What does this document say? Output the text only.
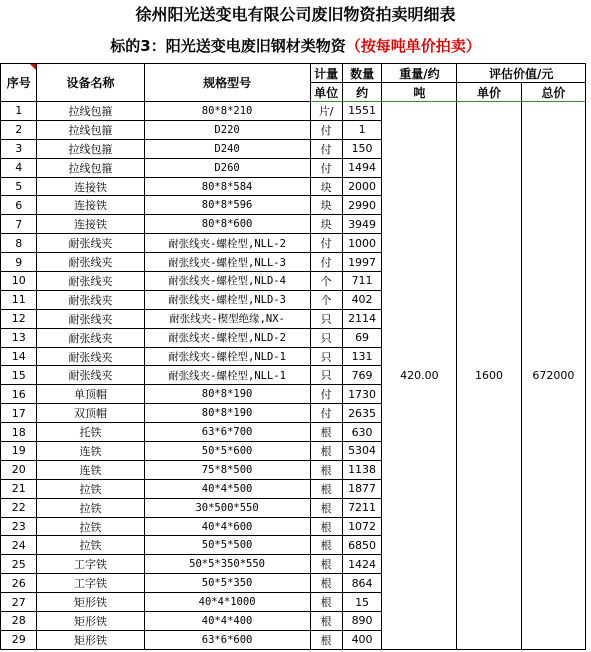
徐州阳光送变电有限公司废旧物资拍卖明细表
标的3：阳光送变电废旧钢材类物资（按每吨单价拍卖）
序号	设备名称	规格型号	计量	数量	重量/约	评估价值/元	
			单位	约	吨	单价	总价
1	拉线包箍	80*8*210	片/	1551	420.00	1600	672000
2	拉线包箍	D220	付	1			
3	拉线包箍	D240	付	150			
4	拉线包箍	D260	付	1494			
5	连接铁	80*8*584	块	2000			
6	连接铁	80*8*596	块	2990			
7	连接铁	80*8*600	块	3949			
8	耐张线夹	耐张线夹-螺栓型,NLL-2	付	1000			
9	耐张线夹	耐张线夹-螺栓型,NLL-3	付	1997			
10	耐张线夹	耐张线夹-螺栓型,NLD-4	个	711			
11	耐张线夹	耐张线夹-螺栓型,NLD-3	个	402			
12	耐张线夹	耐张线夹-楔型绝缘,NX-	只	2114			
13	耐张线夹	耐张线夹-螺栓型,NLD-2	只	69			
14	耐张线夹	耐张线夹-螺栓型,NLD-1	只	131			
15	耐张线夹	耐张线夹-螺栓型,NLL-1	只	769			
16	单顶帽	80*8*190	付	1730			
17	双顶帽	80*8*190	付	2635			
18	托铁	63*6*700	根	630			
19	连铁	50*5*600	根	5304			
20	连铁	75*8*500	根	1138			
21	拉铁	40*4*500	根	1877			
22	拉铁	30*500*550	根	7211			
23	拉铁	40*4*600	根	1072			
24	拉铁	50*5*500	根	6850			
25	工字铁	50*5*350*550	根	1424			
26	工字铁	50*5*350	根	864			
27	矩形铁	40*4*1000	根	15			
28	矩形铁	40*4*400	根	890			
29	矩形铁	63*6*600	根	400			
